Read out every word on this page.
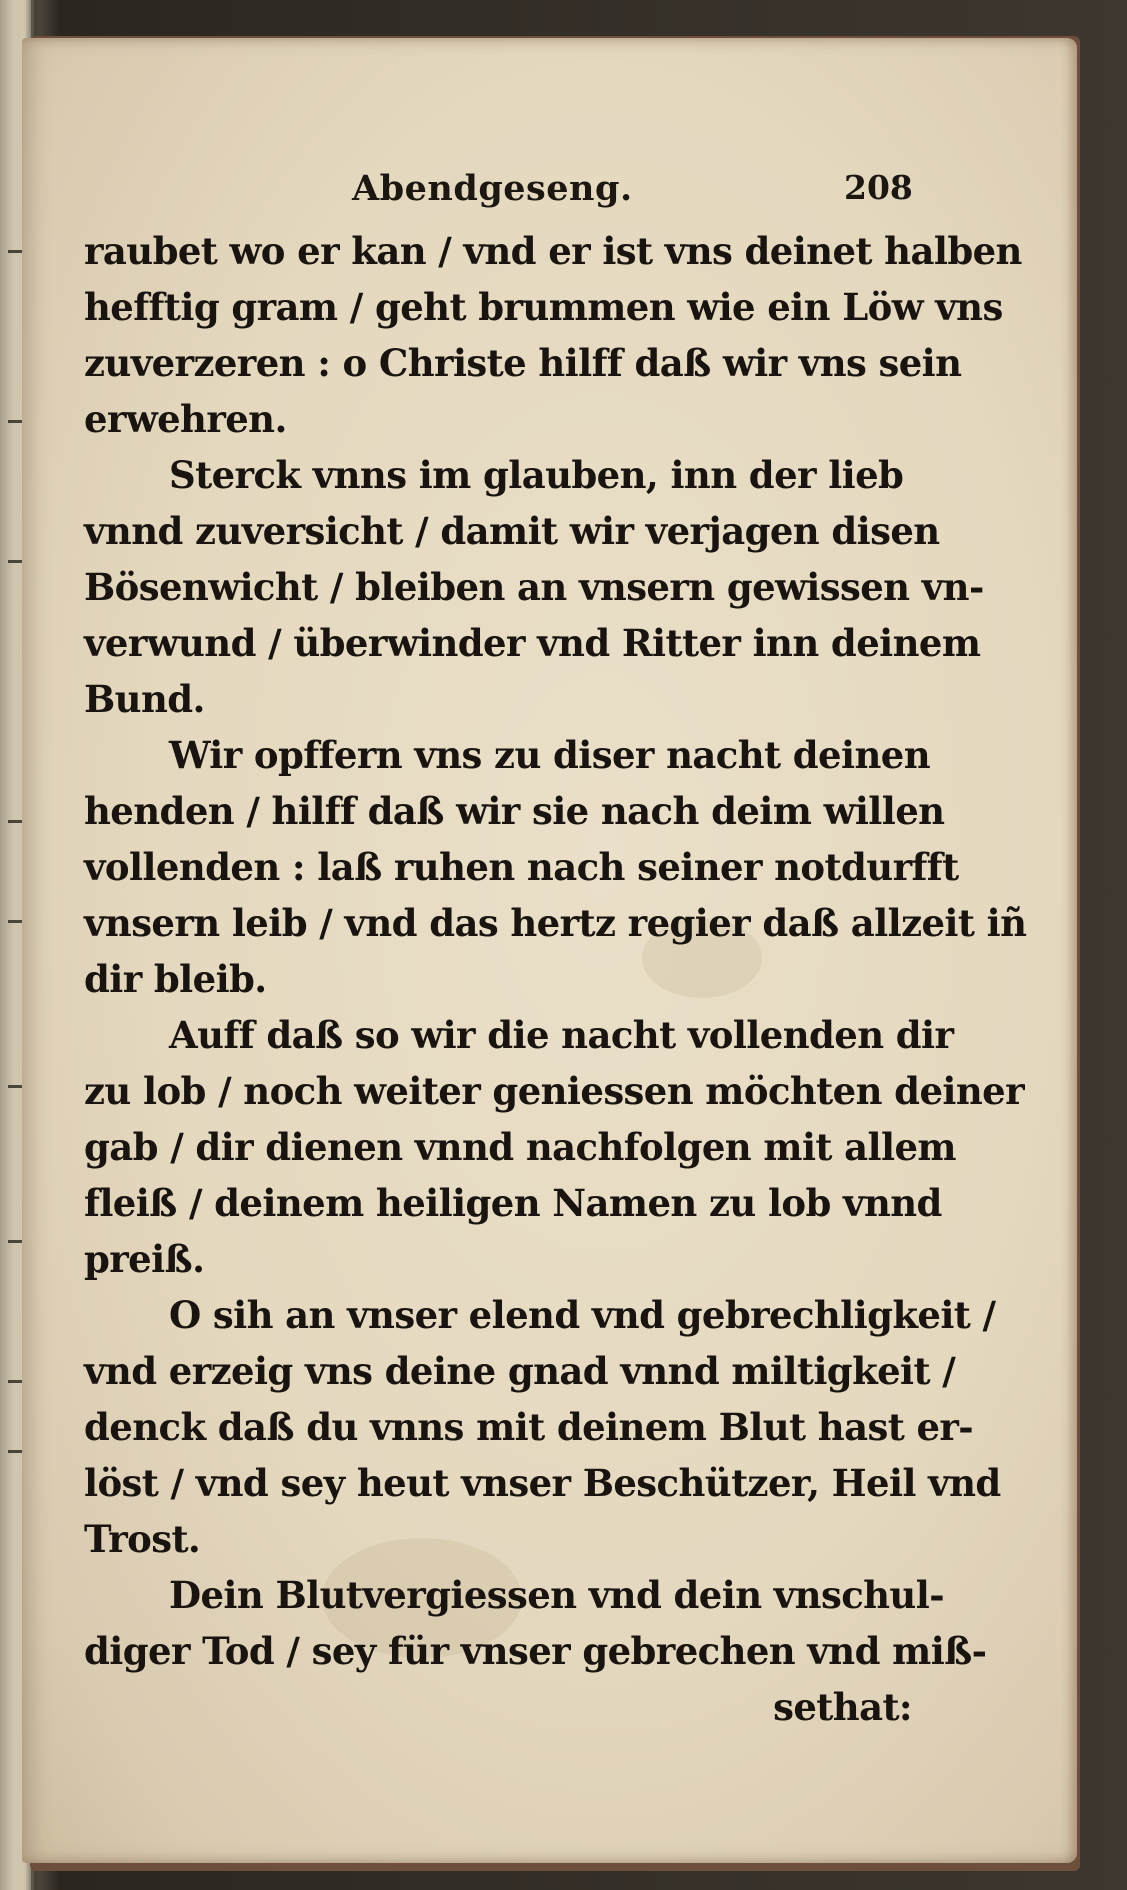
Abendgeseng.	208
raubet wo er kan / vnd er ist vns deinet halben
hefftig gram / geht brummen wie ein Löw vns
zuverzeren : o Christe hilff daß wir vns sein
erwehren.
Sterck vnns im glauben, inn der lieb
vnnd zuversicht / damit wir verjagen disen
Bösenwicht / bleiben an vnsern gewissen vn-
verwund / überwinder vnd Ritter inn deinem
Bund.
Wir opffern vns zu diser nacht deinen
henden / hilff daß wir sie nach deim willen
vollenden : laß ruhen nach seiner notdurfft
vnsern leib / vnd das hertz regier daß allzeit iñ
dir bleib.
Auff daß so wir die nacht vollenden dir
zu lob / noch weiter geniessen möchten deiner
gab / dir dienen vnnd nachfolgen mit allem
fleiß / deinem heiligen Namen zu lob vnnd
preiß.
O sih an vnser elend vnd gebrechligkeit /
vnd erzeig vns deine gnad vnnd miltigkeit /
denck daß du vnns mit deinem Blut hast er-
löst / vnd sey heut vnser Beschützer, Heil vnd
Trost.
Dein Blutvergiessen vnd dein vnschul-
diger Tod / sey für vnser gebrechen vnd miß-
sethat:
